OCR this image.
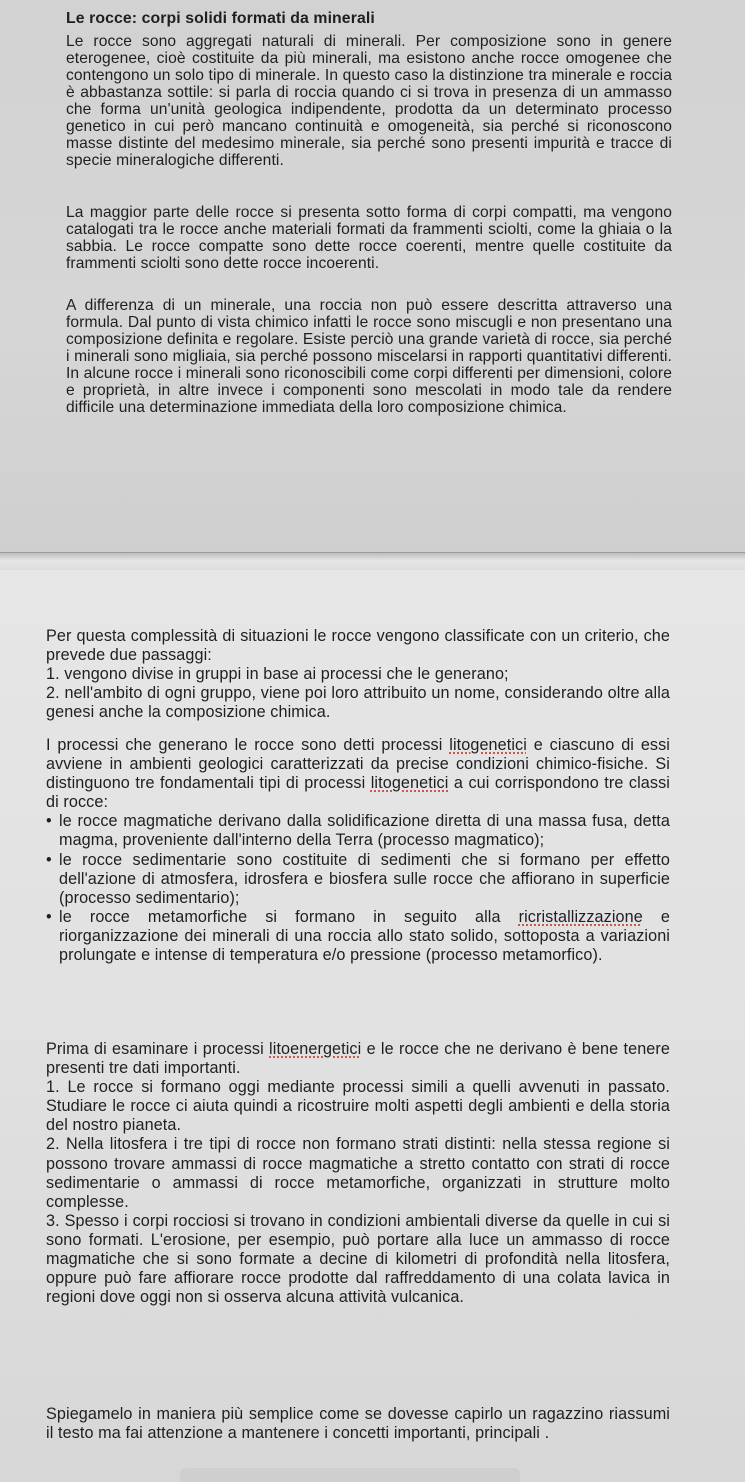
Le rocce: corpi solidi formati da minerali

Le rocce sono aggregati naturali di minerali. Per composizione sono in genere eterogenee, cioè costituite da più minerali, ma esistono anche rocce omogenee che contengono un solo tipo di minerale. In questo caso la distinzione tra minerale e roccia è abbastanza sottile: si parla di roccia quando ci si trova in presenza di un ammasso che forma un'unità geologica indipendente, prodotta da un determinato processo genetico in cui però mancano continuità e omogeneità, sia perché si riconoscono masse distinte del medesimo minerale, sia perché sono presenti impurità e tracce di specie mineralogiche differenti.

La maggior parte delle rocce si presenta sotto forma di corpi compatti, ma vengono catalogati tra le rocce anche materiali formati da frammenti sciolti, come la ghiaia o la sabbia. Le rocce compatte sono dette rocce coerenti, mentre quelle costituite da frammenti sciolti sono dette rocce incoerenti.

A differenza di un minerale, una roccia non può essere descritta attraverso una formula. Dal punto di vista chimico infatti le rocce sono miscugli e non presentano una composizione definita e regolare. Esiste perciò una grande varietà di rocce, sia perché i minerali sono migliaia, sia perché possono miscelarsi in rapporti quantitativi differenti. In alcune rocce i minerali sono riconoscibili come corpi differenti per dimensioni, colore e proprietà, in altre invece i componenti sono mescolati in modo tale da rendere difficile una determinazione immediata della loro composizione chimica.

Per questa complessità di situazioni le rocce vengono classificate con un criterio, che prevede due passaggi:
1. vengono divise in gruppi in base ai processi che le generano;
2. nell'ambito di ogni gruppo, viene poi loro attribuito un nome, considerando oltre alla genesi anche la composizione chimica.

I processi che generano le rocce sono detti processi litogenetici e ciascuno di essi avviene in ambienti geologici caratterizzati da precise condizioni chimico-fisiche. Si distinguono tre fondamentali tipi di processi litogenetici a cui corrispondono tre classi di rocce:
• le rocce magmatiche derivano dalla solidificazione diretta di una massa fusa, detta magma, proveniente dall'interno della Terra (processo magmatico);
• le rocce sedimentarie sono costituite di sedimenti che si formano per effetto dell'azione di atmosfera, idrosfera e biosfera sulle rocce che affiorano in superficie (processo sedimentario);
• le rocce metamorfiche si formano in seguito alla ricristallizzazione e riorganizzazione dei minerali di una roccia allo stato solido, sottoposta a variazioni prolungate e intense di temperatura e/o pressione (processo metamorfico).

Prima di esaminare i processi litoenergetici e le rocce che ne derivano è bene tenere presenti tre dati importanti.
1. Le rocce si formano oggi mediante processi simili a quelli avvenuti in passato. Studiare le rocce ci aiuta quindi a ricostruire molti aspetti degli ambienti e della storia del nostro pianeta.
2. Nella litosfera i tre tipi di rocce non formano strati distinti: nella stessa regione si possono trovare ammassi di rocce magmatiche a stretto contatto con strati di rocce sedimentarie o ammassi di rocce metamorfiche, organizzati in strutture molto complesse.
3. Spesso i corpi rocciosi si trovano in condizioni ambientali diverse da quelle in cui si sono formati. L'erosione, per esempio, può portare alla luce un ammasso di rocce magmatiche che si sono formate a decine di kilometri di profondità nella litosfera, oppure può fare affiorare rocce prodotte dal raffreddamento di una colata lavica in regioni dove oggi non si osserva alcuna attività vulcanica.

Spiegamelo in maniera più semplice come se dovesse capirlo un ragazzino riassumi il testo ma fai attenzione a mantenere i concetti importanti, principali .
